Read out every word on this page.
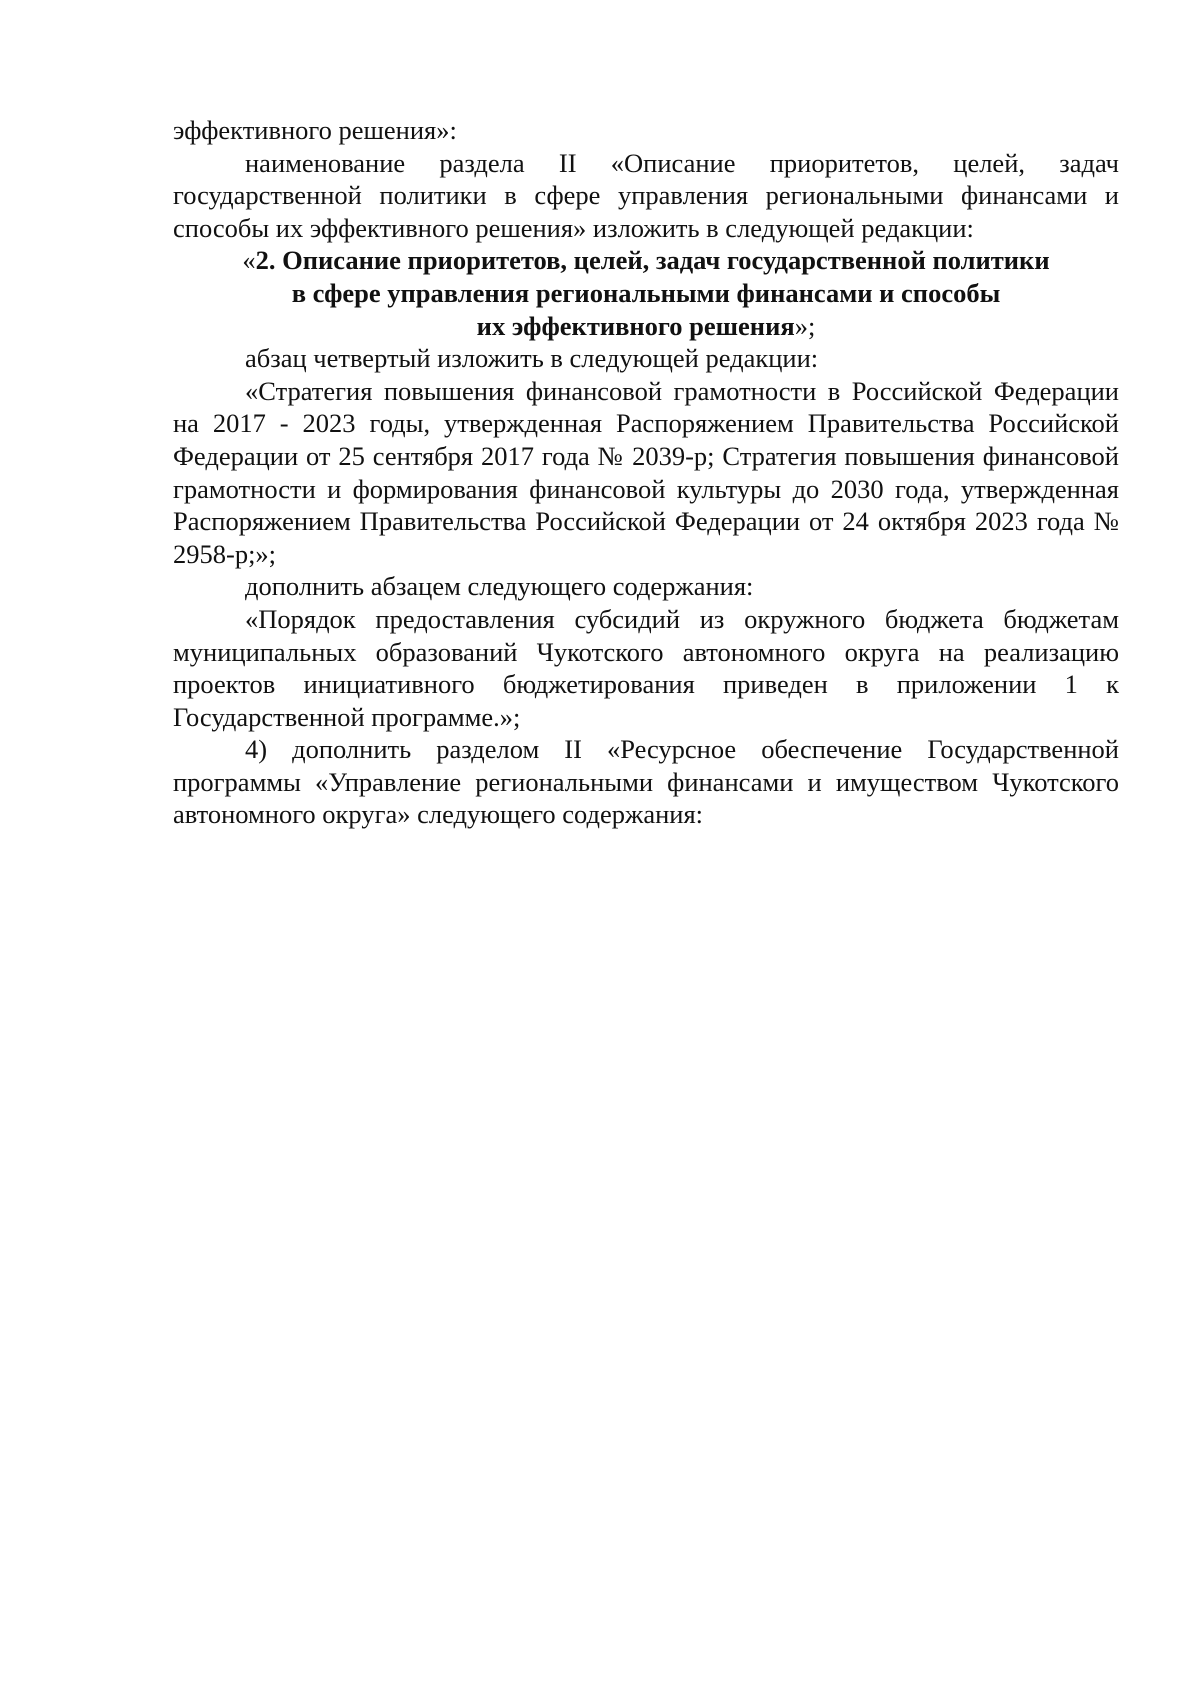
эффективного решения»:

наименование раздела II «Описание приоритетов, целей, задач государственной политики в сфере управления региональными финансами и способы их эффективного решения» изложить в следующей редакции:

«2. Описание приоритетов, целей, задач государственной политики
в сфере управления региональными финансами и способы
их эффективного решения»;

абзац четвертый изложить в следующей редакции:

«Стратегия повышения финансовой грамотности в Российской Федерации на 2017 - 2023 годы, утвержденная Распоряжением Правительства Российской Федерации от 25 сентября 2017 года № 2039-р; Стратегия повышения финансовой грамотности и формирования финансовой культуры до 2030 года, утвержденная Распоряжением Правительства Российской Федерации от 24 октября 2023 года № 2958-р;»;

дополнить абзацем следующего содержания:

«Порядок предоставления субсидий из окружного бюджета бюджетам муниципальных образований Чукотского автономного округа на реализацию проектов инициативного бюджетирования приведен в приложении 1 к Государственной программе.»;

4) дополнить разделом II «Ресурсное обеспечение Государственной программы «Управление региональными финансами и имуществом Чукотского автономного округа» следующего содержания:
